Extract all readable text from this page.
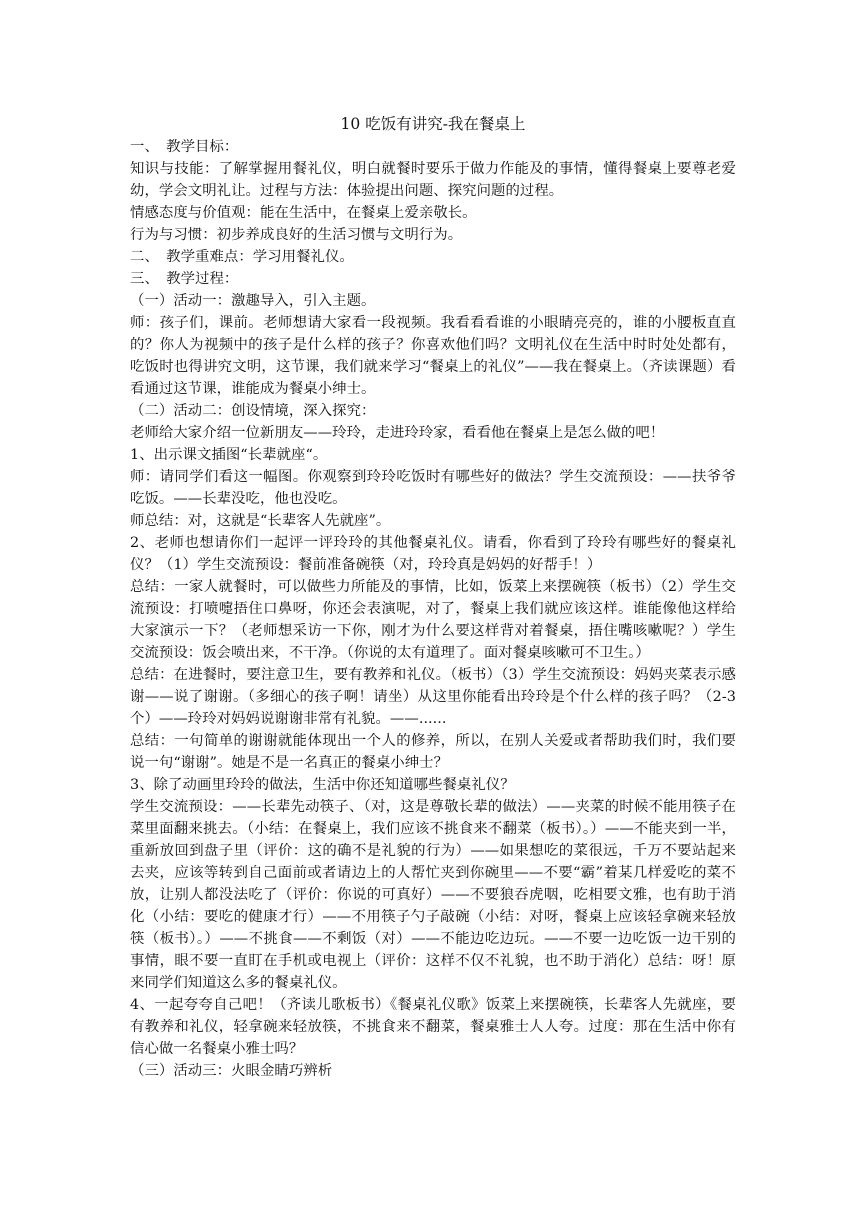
10 吃饭有讲究-我在餐桌上

一、　教学目标：

知识与技能：了解掌握用餐礼仪，明白就餐时要乐于做力作能及的事情，懂得餐桌上要尊老爱幼，学会文明礼让。过程与方法：体验提出问题、探究问题的过程。

情感态度与价值观：能在生活中，在餐桌上爱亲敬长。

行为与习惯：初步养成良好的生活习惯与文明行为。

二、　教学重难点：学习用餐礼仪。

三、　教学过程：

（一）活动一：激趣导入，引入主题。

师：孩子们，课前。老师想请大家看一段视频。我看看看谁的小眼睛亮亮的，谁的小腰板直直的？你人为视频中的孩子是什么样的孩子？你喜欢他们吗？文明礼仪在生活中时时处处都有，吃饭时也得讲究文明，这节课，我们就来学习“餐桌上的礼仪”——我在餐桌上。（齐读课题）看看通过这节课，谁能成为餐桌小绅士。

（二）活动二：创设情境，深入探究：

老师给大家介绍一位新朋友——玲玲，走进玲玲家，看看他在餐桌上是怎么做的吧！

1、出示课文插图“长辈就座“。

师：请同学们看这一幅图。你观察到玲玲吃饭时有哪些好的做法？学生交流预设：——扶爷爷吃饭。——长辈没吃，他也没吃。

师总结：对，这就是“长辈客人先就座”。

2、老师也想请你们一起评一评玲玲的其他餐桌礼仪。请看，你看到了玲玲有哪些好的餐桌礼仪？（1）学生交流预设：餐前准备碗筷（对，玲玲真是妈妈的好帮手！）

总结：一家人就餐时，可以做些力所能及的事情，比如，饭菜上来摆碗筷（板书）（2）学生交流预设：打喷嚏捂住口鼻呀，你还会表演呢，对了，餐桌上我们就应该这样。谁能像他这样给大家演示一下？（老师想采访一下你，刚才为什么要这样背对着餐桌，捂住嘴咳嗽呢？）学生交流预设：饭会喷出来，不干净。（你说的太有道理了。面对餐桌咳嗽可不卫生。）

总结：在进餐时，要注意卫生，要有教养和礼仪。（板书）（3）学生交流预设：妈妈夹菜表示感谢——说了谢谢。（多细心的孩子啊！请坐）从这里你能看出玲玲是个什么样的孩子吗？（2-3个）——玲玲对妈妈说谢谢非常有礼貌。——......

总结：一句简单的谢谢就能体现出一个人的修养，所以，在别人关爱或者帮助我们时，我们要说一句“谢谢”。她是不是一名真正的餐桌小绅士？

3、除了动画里玲玲的做法，生活中你还知道哪些餐桌礼仪？

学生交流预设：——长辈先动筷子、（对，这是尊敬长辈的做法）——夹菜的时候不能用筷子在菜里面翻来挑去。（小结：在餐桌上，我们应该不挑食来不翻菜（板书）。）——不能夹到一半，重新放回到盘子里（评价：这的确不是礼貌的行为）——如果想吃的菜很远，千万不要站起来去夹，应该等转到自己面前或者请边上的人帮忙夹到你碗里——不要“霸”着某几样爱吃的菜不放，让别人都没法吃了（评价：你说的可真好）——不要狼吞虎咽，吃相要文雅，也有助于消化（小结：要吃的健康才行）——不用筷子勺子敲碗（小结：对呀，餐桌上应该轻拿碗来轻放筷（板书）。）——不挑食——不剩饭（对）——不能边吃边玩。——不要一边吃饭一边干别的事情，眼不要一直盯在手机或电视上（评价：这样不仅不礼貌，也不助于消化）总结：呀！原来同学们知道这么多的餐桌礼仪。

4、一起夸夸自己吧！（齐读儿歌板书）《餐桌礼仪歌》饭菜上来摆碗筷，长辈客人先就座，要有教养和礼仪，轻拿碗来轻放筷，不挑食来不翻菜，餐桌雅士人人夸。过度：那在生活中你有信心做一名餐桌小雅士吗？

（三）活动三：火眼金睛巧辨析
